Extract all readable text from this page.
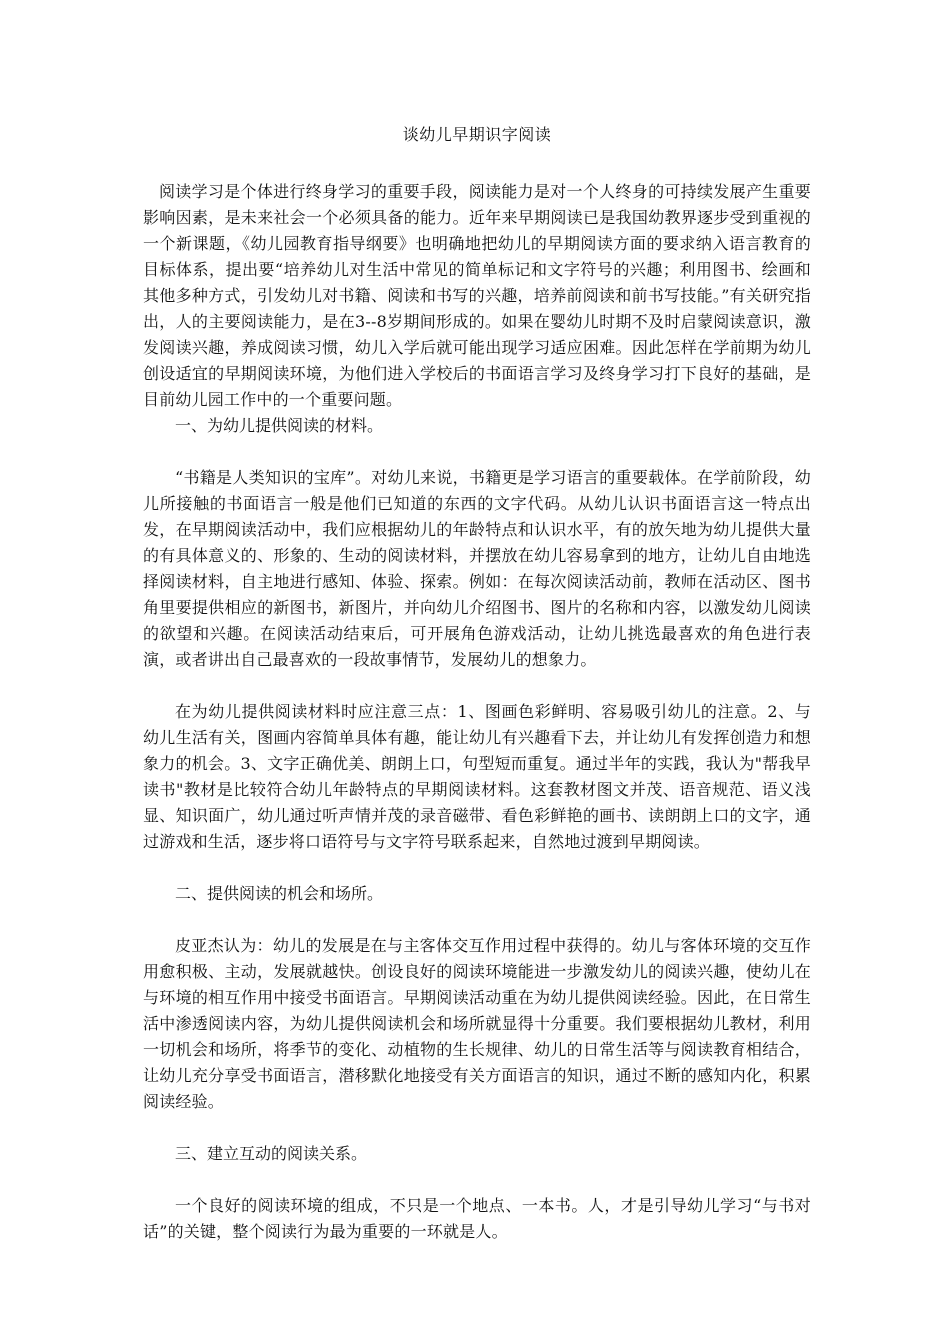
谈幼儿早期识字阅读

阅读学习是个体进行终身学习的重要手段，阅读能力是对一个人终身的可持续发展产生重要影响因素，是未来社会一个必须具备的能力。近年来早期阅读已是我国幼教界逐步受到重视的一个新课题，《幼儿园教育指导纲要》也明确地把幼儿的早期阅读方面的要求纳入语言教育的目标体系，提出要“培养幼儿对生活中常见的简单标记和文字符号的兴趣；利用图书、绘画和其他多种方式，引发幼儿对书籍、阅读和书写的兴趣，培养前阅读和前书写技能。”有关研究指出，人的主要阅读能力，是在3--8岁期间形成的。如果在婴幼儿时期不及时启蒙阅读意识，激发阅读兴趣，养成阅读习惯，幼儿入学后就可能出现学习适应困难。因此怎样在学前期为幼儿创设适宜的早期阅读环境，为他们进入学校后的书面语言学习及终身学习打下良好的基础，是目前幼儿园工作中的一个重要问题。

一、为幼儿提供阅读的材料。

“书籍是人类知识的宝库”。对幼儿来说，书籍更是学习语言的重要载体。在学前阶段，幼儿所接触的书面语言一般是他们已知道的东西的文字代码。从幼儿认识书面语言这一特点出发，在早期阅读活动中，我们应根据幼儿的年龄特点和认识水平，有的放矢地为幼儿提供大量的有具体意义的、形象的、生动的阅读材料，并摆放在幼儿容易拿到的地方，让幼儿自由地选择阅读材料，自主地进行感知、体验、探索。例如：在每次阅读活动前，教师在活动区、图书角里要提供相应的新图书，新图片，并向幼儿介绍图书、图片的名称和内容，以激发幼儿阅读的欲望和兴趣。在阅读活动结束后，可开展角色游戏活动，让幼儿挑选最喜欢的角色进行表演，或者讲出自己最喜欢的一段故事情节，发展幼儿的想象力。

在为幼儿提供阅读材料时应注意三点：1、图画色彩鲜明、容易吸引幼儿的注意。2、与幼儿生活有关，图画内容简单具体有趣，能让幼儿有兴趣看下去，并让幼儿有发挥创造力和想象力的机会。3、文字正确优美、朗朗上口，句型短而重复。通过半年的实践，我认为"帮我早读书"教材是比较符合幼儿年龄特点的早期阅读材料。这套教材图文并茂、语音规范、语义浅显、知识面广，幼儿通过听声情并茂的录音磁带、看色彩鲜艳的画书、读朗朗上口的文字，通过游戏和生活，逐步将口语符号与文字符号联系起来，自然地过渡到早期阅读。

二、提供阅读的机会和场所。

皮亚杰认为：幼儿的发展是在与主客体交互作用过程中获得的。幼儿与客体环境的交互作用愈积极、主动，发展就越快。创设良好的阅读环境能进一步激发幼儿的阅读兴趣，使幼儿在与环境的相互作用中接受书面语言。早期阅读活动重在为幼儿提供阅读经验。因此，在日常生活中渗透阅读内容，为幼儿提供阅读机会和场所就显得十分重要。我们要根据幼儿教材，利用一切机会和场所，将季节的变化、动植物的生长规律、幼儿的日常生活等与阅读教育相结合，让幼儿充分享受书面语言，潜移默化地接受有关方面语言的知识，通过不断的感知内化，积累阅读经验。

三、建立互动的阅读关系。

一个良好的阅读环境的组成，不只是一个地点、一本书。人，才是引导幼儿学习“与书对话”的关键，整个阅读行为最为重要的一环就是人。
